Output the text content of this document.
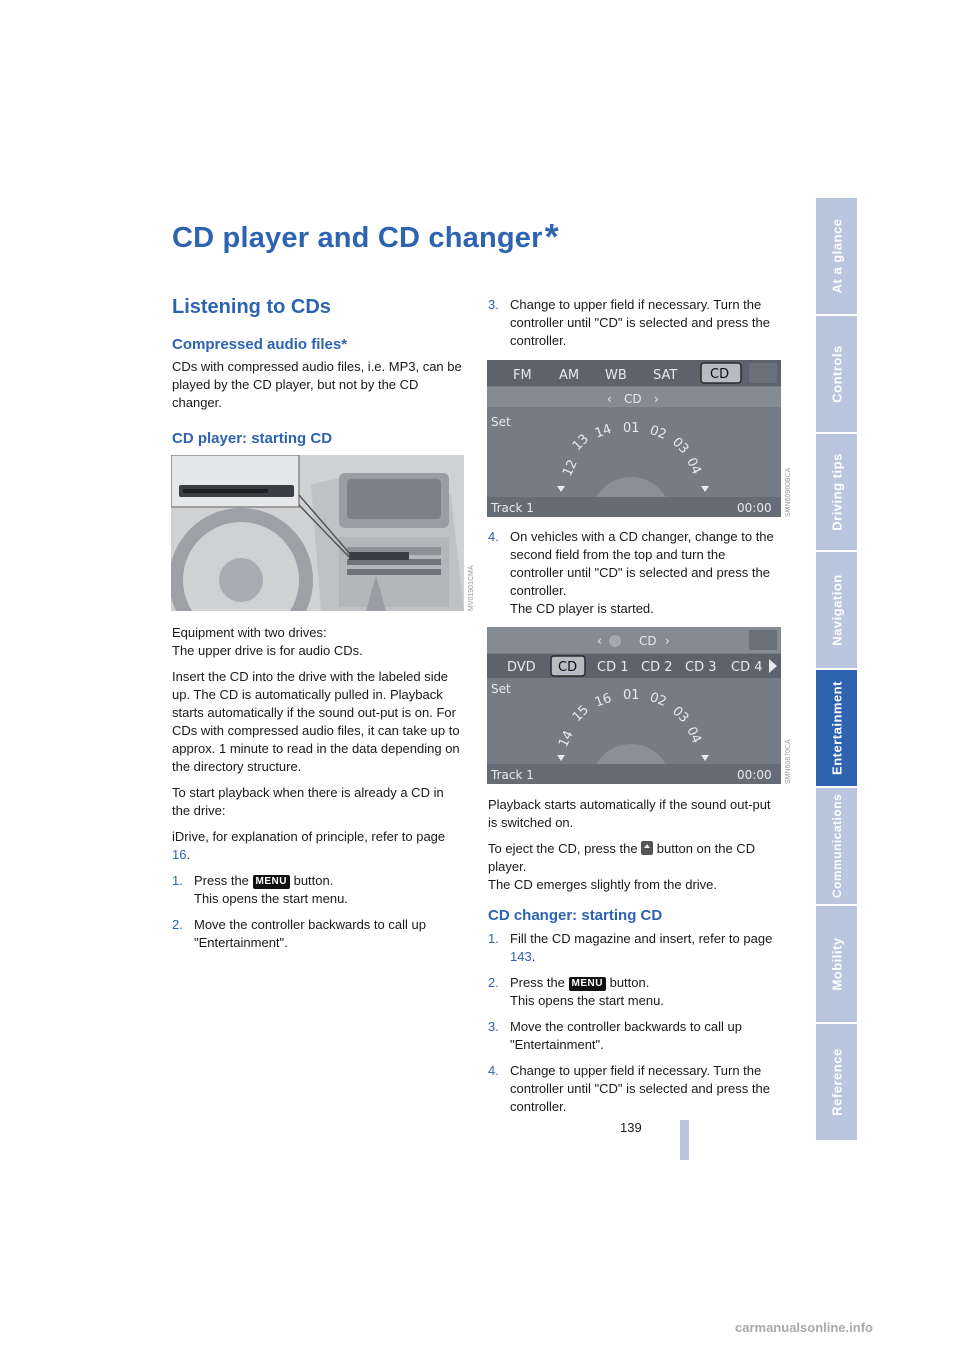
CD player and CD changer*
Listening to CDs
Compressed audio files*

CDs with compressed audio files, i.e. MP3, can be played by the CD player, but not by the CD changer.

CD player: starting CD
MV01901CMA

Equipment with two drives:
The upper drive is for audio CDs.

Insert the CD into the drive with the labeled side up. The CD is automatically pulled in. Playback starts automatically if the sound out-put is on. For CDs with compressed audio files, it can take up to approx. 1 minute to read in the data depending on the directory structure.

To start playback when there is already a CD in the drive:

iDrive, for explanation of principle, refer to page 16.

1. Press the MENU button.
This opens the start menu.
2. Move the controller backwards to call up "Entertainment".
3. Change to upper field if necessary. Turn the controller until "CD" is selected and press the controller.
FM AM WB SAT	CD
‹ CD ›
Set
12
13 14 01 02
03
04
Track 1	00:00 SMN60960BCA
4. On vehicles with a CD changer, change to the second field from the top and turn the controller until "CD" is selected and press the controller.
The CD player is started.
‹	CD ›
DVD CD CD 1 CD 2 CD 3 CD 4
Set
14
15
16 01 02
03
04
Track 1	00:00 SMN60870CA

Playback starts automatically if the sound out-put is switched on.

To eject the CD, press the  button on the CD player.
The CD emerges slightly from the drive.

CD changer: starting CD
1. Fill the CD magazine and insert, refer to page 143.
2. Press the MENU button.
This opens the start menu.
3. Move the controller backwards to call up "Entertainment".
4. Change to upper field if necessary. Turn the controller until "CD" is selected and press the controller.
139
At a glance
Controls
Driving tips
Navigation
Entertainment
Communications
Mobility
Reference
carmanualsonline.info
